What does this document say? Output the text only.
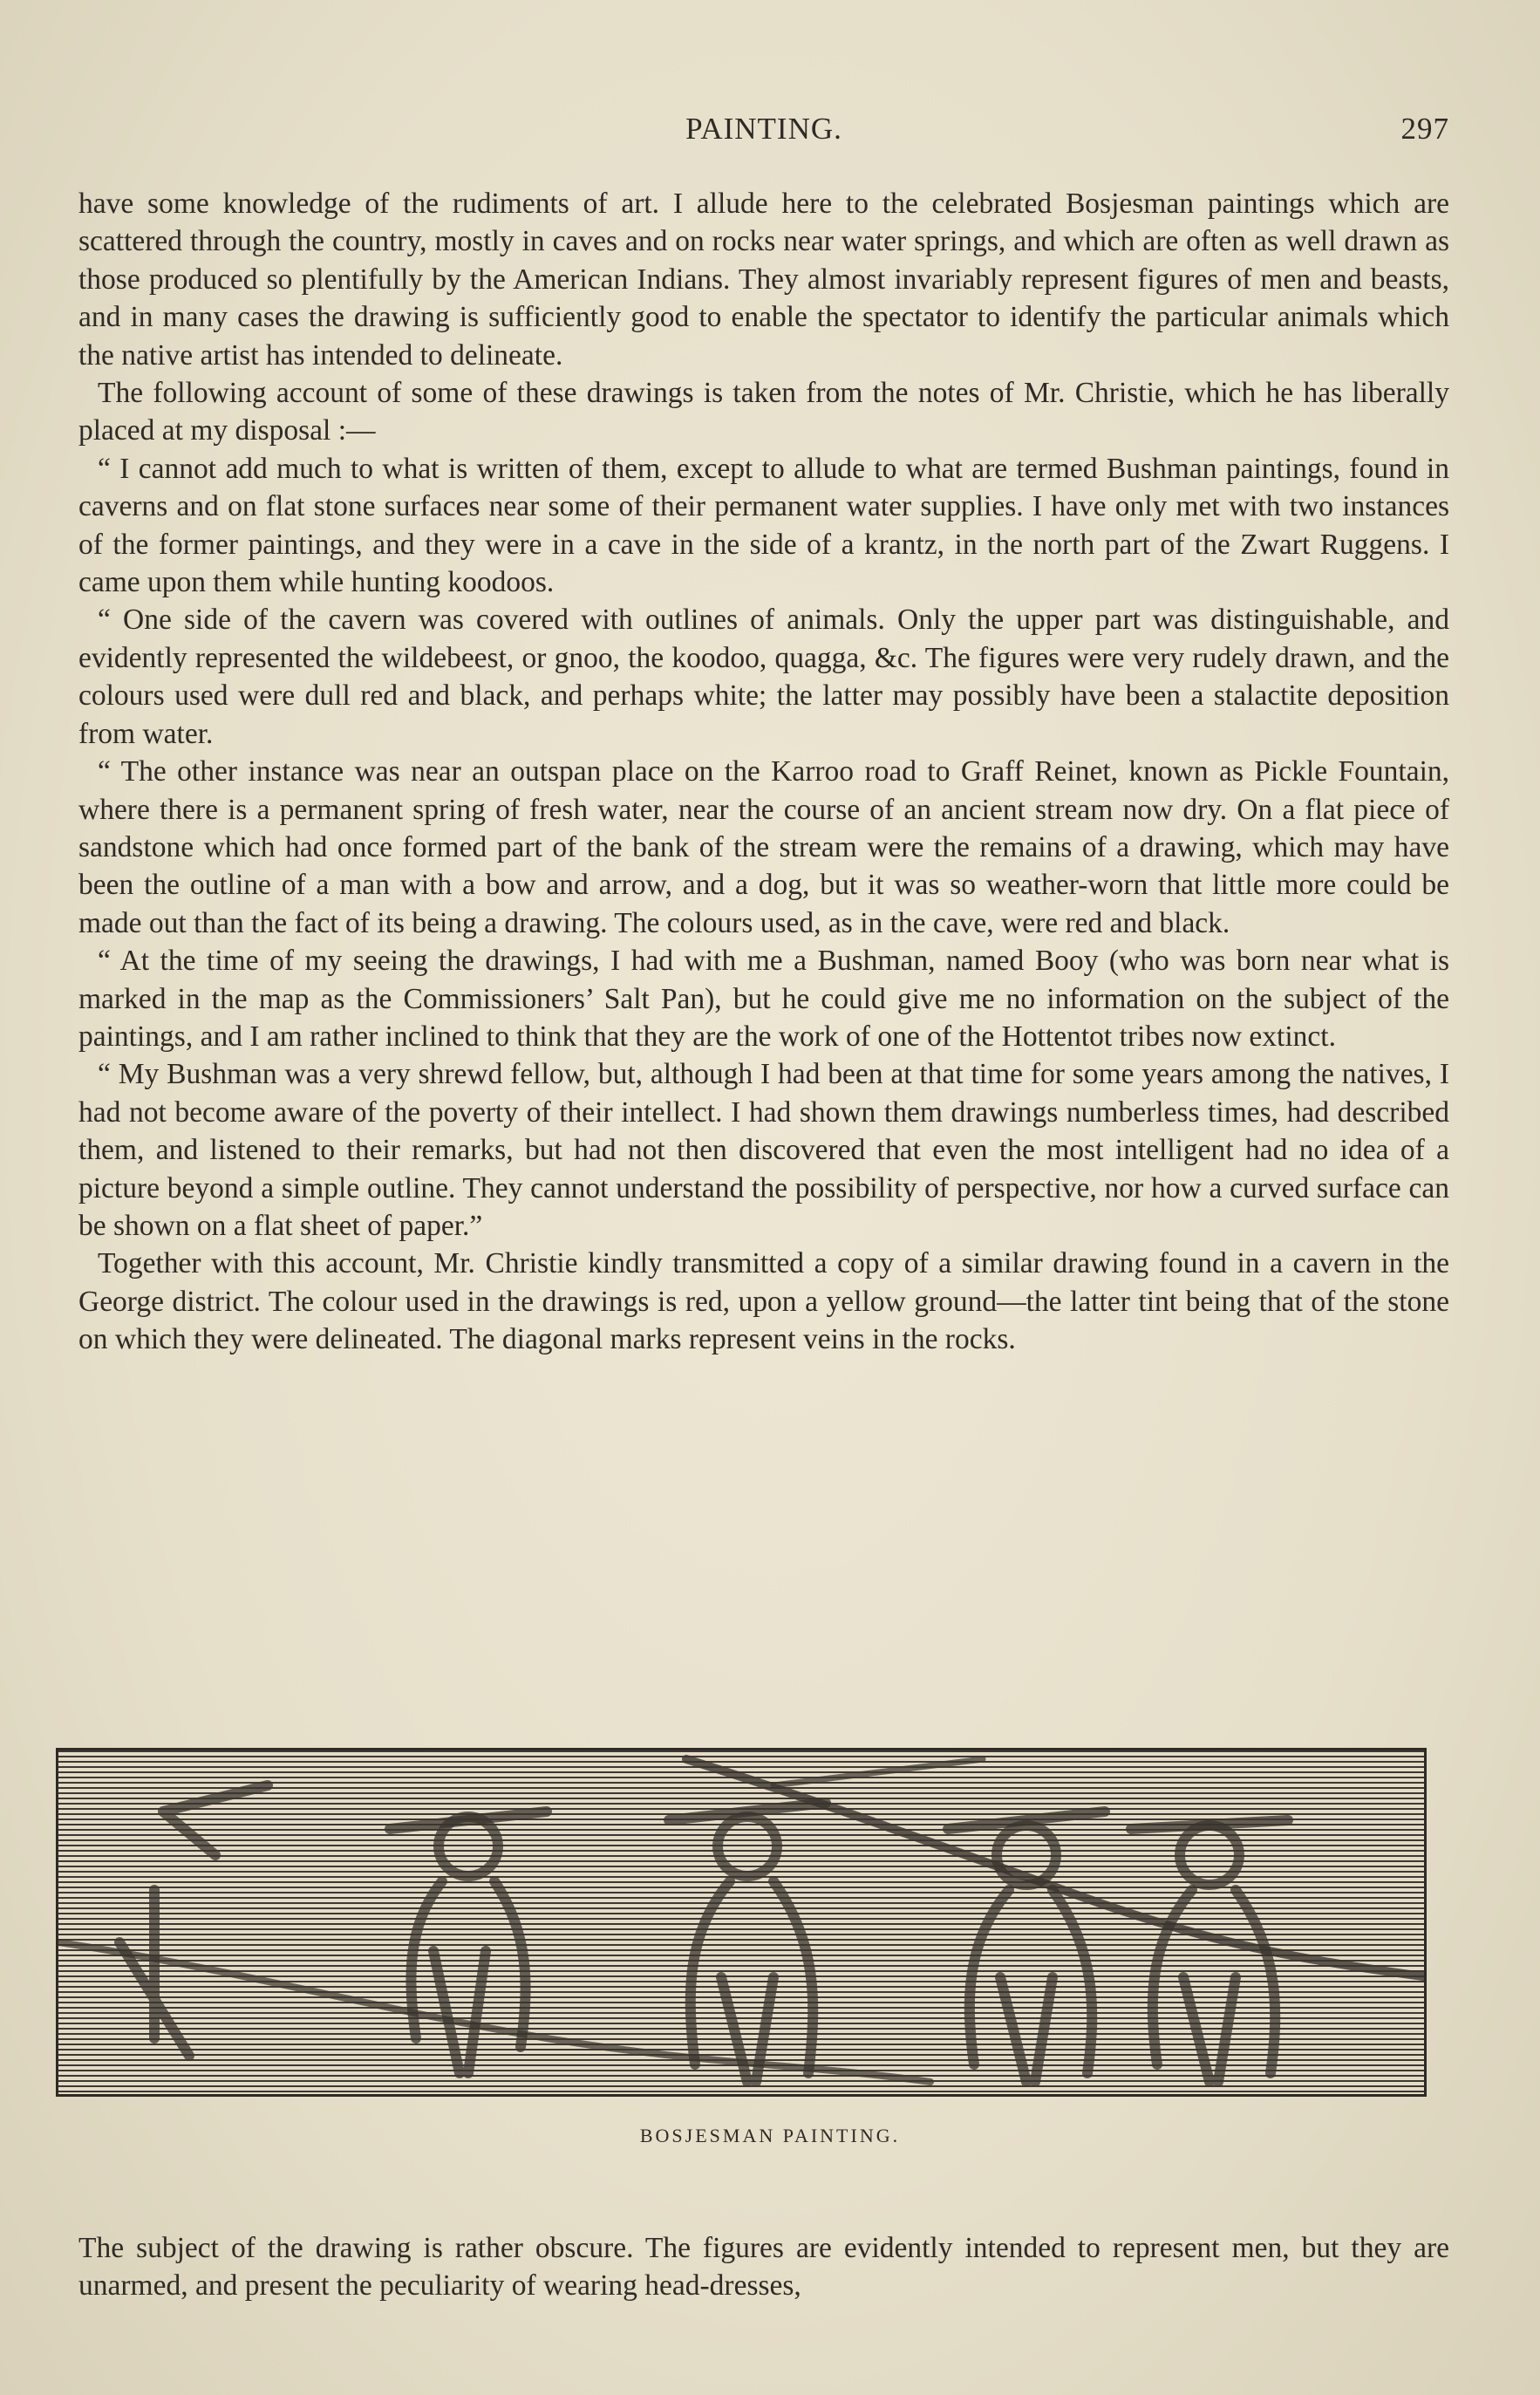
PAINTING.	297

have some knowledge of the rudiments of art. I allude here to the celebrated Bosjesman paintings which are scattered through the country, mostly in caves and on rocks near water springs, and which are often as well drawn as those produced so plentifully by the American Indians. They almost invariably represent figures of men and beasts, and in many cases the drawing is sufficiently good to enable the spectator to identify the particular animals which the native artist has intended to delineate.

The following account of some of these drawings is taken from the notes of Mr. Christie, which he has liberally placed at my disposal :—

“ I cannot add much to what is written of them, except to allude to what are termed Bushman paintings, found in caverns and on flat stone surfaces near some of their permanent water supplies. I have only met with two instances of the former paintings, and they were in a cave in the side of a krantz, in the north part of the Zwart Ruggens. I came upon them while hunting koodoos.

“ One side of the cavern was covered with outlines of animals. Only the upper part was distinguishable, and evidently represented the wildebeest, or gnoo, the koodoo, quagga, &c. The figures were very rudely drawn, and the colours used were dull red and black, and perhaps white; the latter may possibly have been a stalactite deposition from water.

“ The other instance was near an outspan place on the Karroo road to Graff Reinet, known as Pickle Fountain, where there is a permanent spring of fresh water, near the course of an ancient stream now dry. On a flat piece of sandstone which had once formed part of the bank of the stream were the remains of a drawing, which may have been the outline of a man with a bow and arrow, and a dog, but it was so weather-worn that little more could be made out than the fact of its being a drawing. The colours used, as in the cave, were red and black.

“ At the time of my seeing the drawings, I had with me a Bushman, named Booy (who was born near what is marked in the map as the Commissioners’ Salt Pan), but he could give me no information on the subject of the paintings, and I am rather inclined to think that they are the work of one of the Hottentot tribes now extinct.

“ My Bushman was a very shrewd fellow, but, although I had been at that time for some years among the natives, I had not become aware of the poverty of their intellect. I had shown them drawings numberless times, had described them, and listened to their remarks, but had not then discovered that even the most intelligent had no idea of a picture beyond a simple outline. They cannot understand the possibility of perspective, nor how a curved surface can be shown on a flat sheet of paper.”

Together with this account, Mr. Christie kindly transmitted a copy of a similar drawing found in a cavern in the George district. The colour used in the drawings is red, upon a yellow ground—the latter tint being that of the stone on which they were delineated. The diagonal marks represent veins in the rocks.

BOSJESMAN PAINTING.

The subject of the drawing is rather obscure. The figures are evidently intended to represent men, but they are unarmed, and present the peculiarity of wearing head-dresses,
